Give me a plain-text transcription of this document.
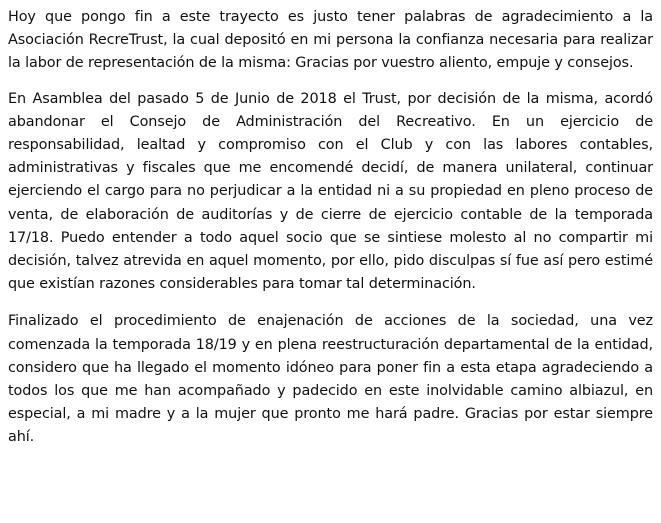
Hoy que pongo fin a este trayecto es justo tener palabras de agradecimiento a la Asociación RecreTrust, la cual depositó en mi persona la confianza necesaria para realizar la labor de representación de la misma: Gracias por vuestro aliento, empuje y consejos.

En Asamblea del pasado 5 de Junio de 2018 el Trust, por decisión de la misma, acordó abandonar el Consejo de Administración del Recreativo. En un ejercicio de responsabilidad, lealtad y compromiso con el Club y con las labores contables, administrativas y fiscales que me encomendé decidí, de manera unilateral, continuar ejerciendo el cargo para no perjudicar a la entidad ni a su propiedad en pleno proceso de venta, de elaboración de auditorías y de cierre de ejercicio contable de la temporada 17/18. Puedo entender a todo aquel socio que se sintiese molesto al no compartir mi decisión, talvez atrevida en aquel momento, por ello, pido disculpas sí fue así pero estimé que existían razones considerables para tomar tal determinación.

Finalizado el procedimiento de enajenación de acciones de la sociedad, una vez comenzada la temporada 18/19 y en plena reestructuración departamental de la entidad, considero que ha llegado el momento idóneo para poner fin a esta etapa agradeciendo a todos los que me han acompañado y padecido en este inolvidable camino albiazul, en especial, a mi madre y a la mujer que pronto me hará padre. Gracias por estar siempre ahí.
